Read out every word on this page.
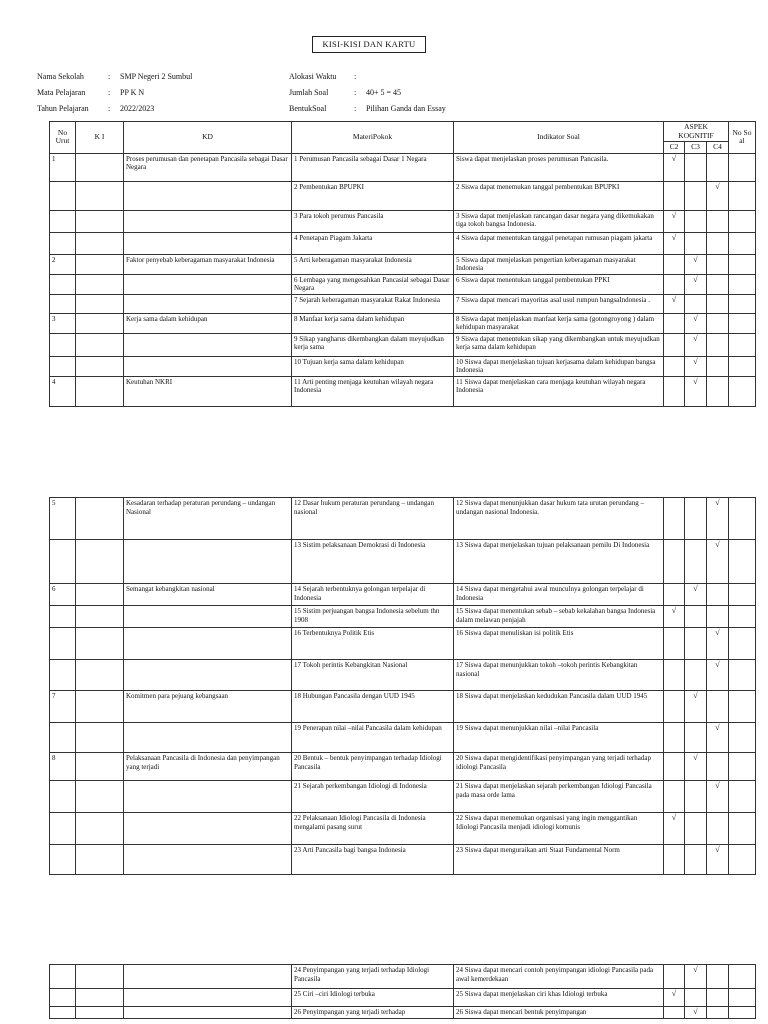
KISI-KISI DAN KARTU
Nama Sekolah	: SMP Negeri 2 Sumbul
Mata Pelajaran	: PP K N
Tahun Pelajaran : 2022/2023
Alokasi Waktu :
Jumlah Soal	: 40+ 5 = 45
BentukSoal	: Pilihan Ganda dan Essay
No Urut	K I	KD	MateriPokok	Indikator Soal	ASPEK KOGNITIF			No So al
					C2	C3	C4	
1		Proses perumusan dan penetapan Pancasila sebagai Dasar Negara	1 Perumusan Pancasila sebagai Dasar 1 Negara	Siswa dapat menjelaskan proses perumusan Pancasila.	√			
			2 Pembentukan BPUPKI	2 Siswa dapat menemukan tanggal pembentukan BPUPKI			√	
			3 Para tokoh perumus Pancasila	3 Siswa dapat menjelaskan rancangan dasar negara yang dikemukakan tiga tokoh bangsa Indonesia.	√			
			4 Penetapan Piagam Jakarta	4 Siswa dapat menentukan tanggal penetapan rumusan piagam jakarta	√			
2		Faktor penyebab keberagaman masyarakat Indonesia	5 Arti keberagaman masyarakat Indonesia	5 Siswa dapat menjelaskan pengertian keberagaman masyarakat Indonesia		√		
			6 Lembaga yang mengesahkan Pancasial sebagai Dasar Negara	6 Siswa dapat menentukan tanggal pembentukan PPKI		√		
			7 Sejarah keberagaman masyarakat Rakat Indonesia	7 Siswa dapat mencari mayoritas asal usul rumpun bangsaIndonesia .	√			
3		Kerja sama dalam kehidupan	8 Manfaat kerja sama dalam kehidupan	8 Siswa dapat menjelaskan manfaat kerja sama (gotongroyong ) dalam kehidupan masyarakat		√		
			9 Sikap yangharus dikembangkan dalam meyujudkan kerja sama	9 Siswa dapat menentukan sikap yang dikembangkan untuk meyujudkan kerja sama dalam kehidupan		√		
			10 Tujuan kerja sama dalam kehidupan	10 Siswa dapat menjelaskan tujuan kerjasama dalam kehidupan bangsa Indonesia		√		
4		Keutuhan NKRI	11 Arti penting menjaga keutuhan wilayah negara Indonesia	11 Siswa dapat menjelaskan cara menjaga keutuhan wilayah negara Indonesia		√		
5		Kesadaran terhadap peraturan perundang – undangan Nasional	12 Dasar hukum peraturan perundang – undangan nasional	12 Siswa dapat menunjukkan dasar hukum tata urutan perundang –undangan nasional Indonesia.			√	
			13 Sistim pelaksanaan Demokrasi di Indonesia	13 Siswa dapat menjelaskan tujuan pelaksanaan pemilu Di Indonesia			√	
6		Semangat kebangkitan nasional	14 Sejarah terbentuknya golongan terpelajar di Indonesia	14 Siswa dapat mengetahui awal munculnya golongan terpelajar di Indonesia		√		
			15 Sistim perjuangan bangsa Indonesia sebelum thn 1908	15 Siswa dapat menentukan sebab – sebab kekalahan bangsa Indonesia dalam melawan penjajah	√			
			16 Terbentuknya Politik Etis	16 Siswa dapat menuliskan isi politik Etis			√	
			17 Tokoh perintis Kebangkitan Nasional	17 Siswa dapat menunjukkan tokoh –tokoh perintis Kebangkitan nasional			√	
7		Komitmen para pejuang kebangsaan	18 Hubungan Pancasila dengan UUD 1945	18 Siswa dapat menjelaskan kedudukan Pancasila dalam UUD 1945		√		
			19 Penerapan nilai –nilai Pancasila dalam kehidupan	19 Siswa dapat menunjukkan nilai –nilai Pancasila			√	
8		Pelaksanaan Pancasila di Indonesia dan penyimpangan yang terjadi	20 Bentuk – bentuk penyimpangan terhadap Idiologi Pancasila	20 Siswa dapat mengidentifikasi penyimpangan yang terjadi terhadap idiologi Pancasila		√		
			21 Sejarah perkembangan Idiologi di Indonesia	21 Siswa dapat menjelaskan sejarah perkembangan Idiologi Pancasila pada masa orde lama			√	
			22 Pelaksanaan Idiologi Pancasila di Indonesia mengalami pasang surut	22 Siswa dapat menemukan organisasi yang ingin menggantikan Idiologi Pancasila menjadi idiologi komunis	√			
			23 Arti Pancasila bagi bangsa Indonesia	23 Siswa dapat menguraikan arti Staat Fundamental Norm			√	
			24 Penyimpangan yang terjadi terhadap Idiologi Pancasila	24 Siswa dapat mencari contoh penyimpangan idiologi Pancasila pada awal kemerdekaan		√		
			25 Ciri –ciri Idiologi terbuka	25 Siswa dapat menjelaskan ciri khas Idiologi terbuka	√			
			26 Penyimpangan yang terjadi terhadap	26 Siswa dapat mencari bentuk penyimpangan		√		
